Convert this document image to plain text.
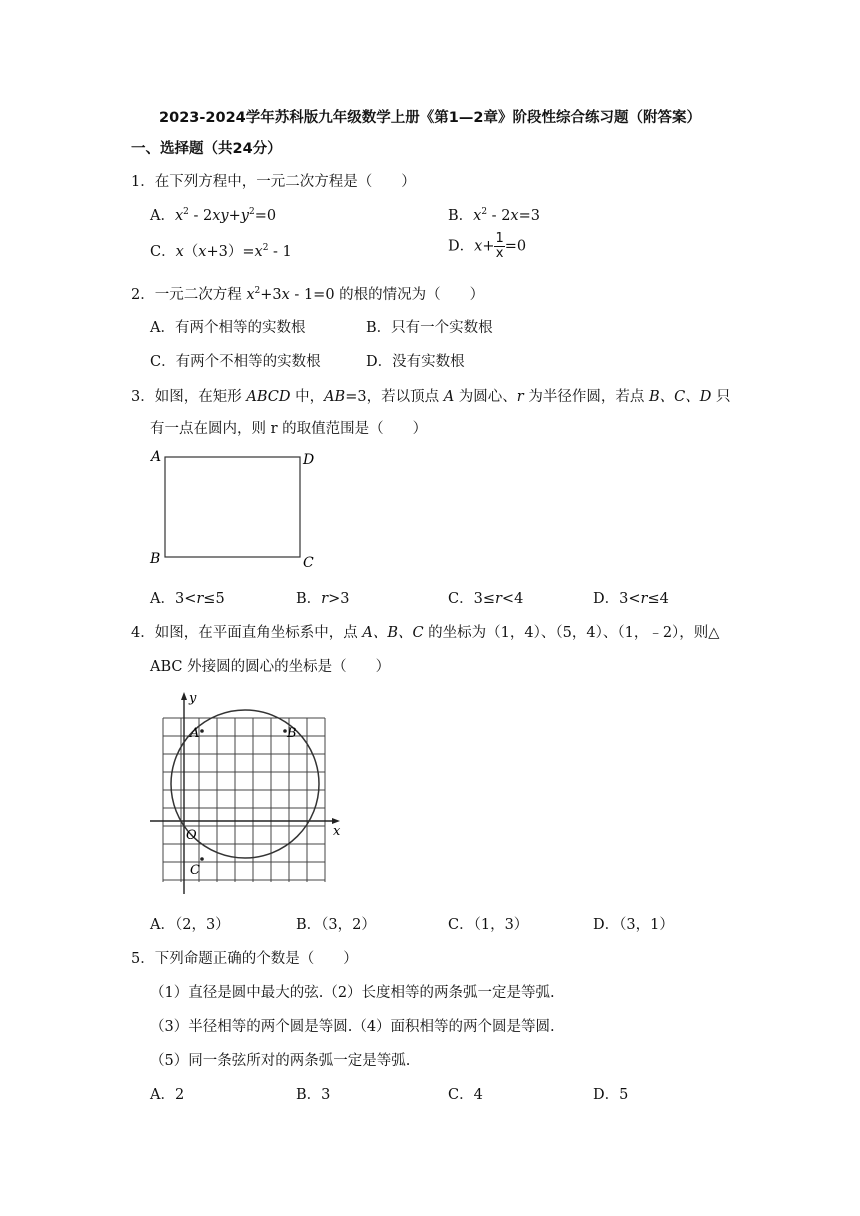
2023-2024学年苏科版九年级数学上册《第1—2章》阶段性综合练习题（附答案）
一、选择题（共24分）
1．在下列方程中，一元二次方程是（　　）
A．$x^2 - 2xy+y^2=0$	B．$x^2 - 2x=3$
C．$x(x+3)=x^2 - 1$	D．$x+ \frac{1}{x} =0$
2．一元二次方程 $x^2+3x - 1=0$ 的根的情况为（　　）
A．有两个相等的实数根	B．只有一个实数根
C．有两个不相等的实数根	D．没有实数根
3．如图，在矩形 ABCD 中，AB=3，若以顶点 A 为圆心、r 为半径作圆，若点 B、C、D 只
有一点在圆内，则 r 的取值范围是（　　）
A	D
B	C
A．3<r≤5	B．r>3	C．3≤r<4	D．3<r≤4
4．如图，在平面直角坐标系中，点 A、B、C 的坐标为（1，4）、（5，4）、（1，﹣2），则△
ABC 外接圆的圆心的坐标是（　　）
y
x
O
A	B
C
A．（2，3）	B．（3，2）	C．（1，3）	D．（3，1）
5．下列命题正确的个数是（　　）
（1）直径是圆中最大的弦.（2）长度相等的两条弧一定是等弧.
（3）半径相等的两个圆是等圆.（4）面积相等的两个圆是等圆.
（5）同一条弦所对的两条弧一定是等弧.
A．2	B．3	C．4	D．5
